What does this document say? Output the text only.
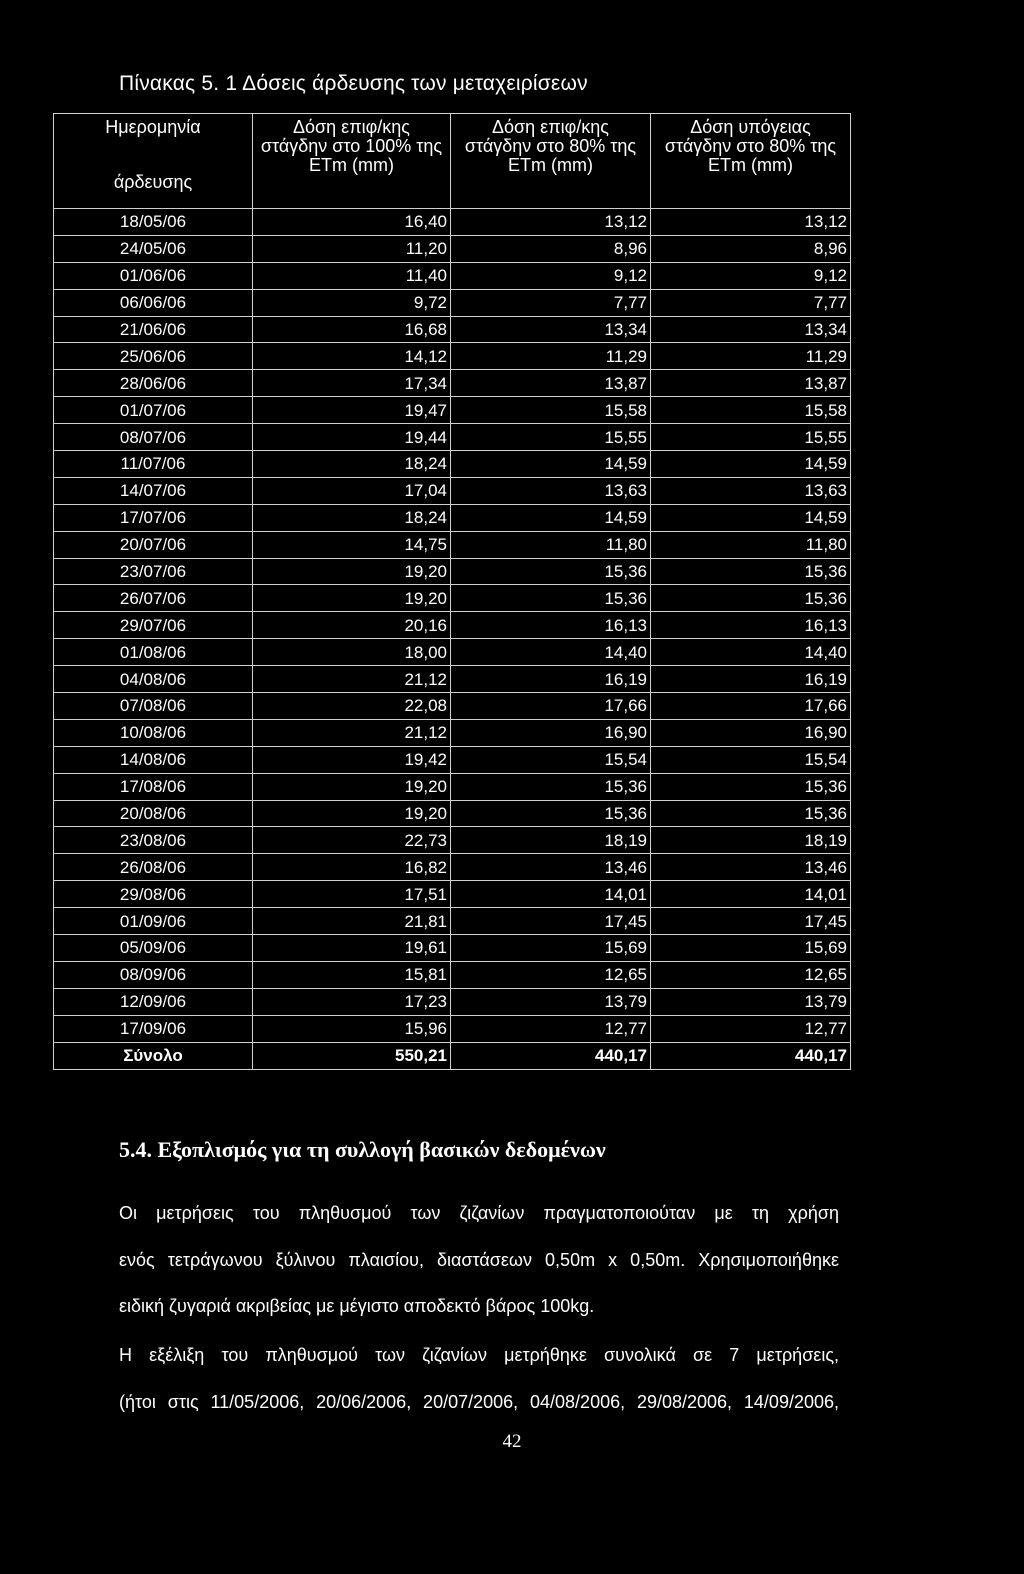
Πίνακας 5. 1 Δόσεις άρδευσης των μεταχειρίσεων
Ημερομηνία
άρδευσης	Δόση επιφ/κης στάγδην στο 100% της ETm (mm)	Δόση επιφ/κης στάγδην στο 80% της ETm (mm)	Δόση υπόγειας στάγδην στο 80% της ETm (mm)
18/05/06	16,40	13,12	13,12
24/05/06	11,20	8,96	8,96
01/06/06	11,40	9,12	9,12
06/06/06	9,72	7,77	7,77
21/06/06	16,68	13,34	13,34
25/06/06	14,12	11,29	11,29
28/06/06	17,34	13,87	13,87
01/07/06	19,47	15,58	15,58
08/07/06	19,44	15,55	15,55
11/07/06	18,24	14,59	14,59
14/07/06	17,04	13,63	13,63
17/07/06	18,24	14,59	14,59
20/07/06	14,75	11,80	11,80
23/07/06	19,20	15,36	15,36
26/07/06	19,20	15,36	15,36
29/07/06	20,16	16,13	16,13
01/08/06	18,00	14,40	14,40
04/08/06	21,12	16,19	16,19
07/08/06	22,08	17,66	17,66
10/08/06	21,12	16,90	16,90
14/08/06	19,42	15,54	15,54
17/08/06	19,20	15,36	15,36
20/08/06	19,20	15,36	15,36
23/08/06	22,73	18,19	18,19
26/08/06	16,82	13,46	13,46
29/08/06	17,51	14,01	14,01
01/09/06	21,81	17,45	17,45
05/09/06	19,61	15,69	15,69
08/09/06	15,81	12,65	12,65
12/09/06	17,23	13,79	13,79
17/09/06	15,96	12,77	12,77
Σύνολο	550,21	440,17	440,17
5.4. Εξοπλισμός για τη συλλογή βασικών δεδομένων
Οι μετρήσεις του πληθυσμού των ζιζανίων πραγματοποιούταν με τη χρήση
ενός τετράγωνου ξύλινου πλαισίου, διαστάσεων 0,50m x 0,50m. Χρησιμοποιήθηκε
ειδική ζυγαριά ακριβείας με μέγιστο αποδεκτό βάρος 100kg.
Η εξέλιξη του πληθυσμού των ζιζανίων μετρήθηκε συνολικά σε 7 μετρήσεις,
(ήτοι στις 11/05/2006, 20/06/2006, 20/07/2006, 04/08/2006, 29/08/2006, 14/09/2006,
42
